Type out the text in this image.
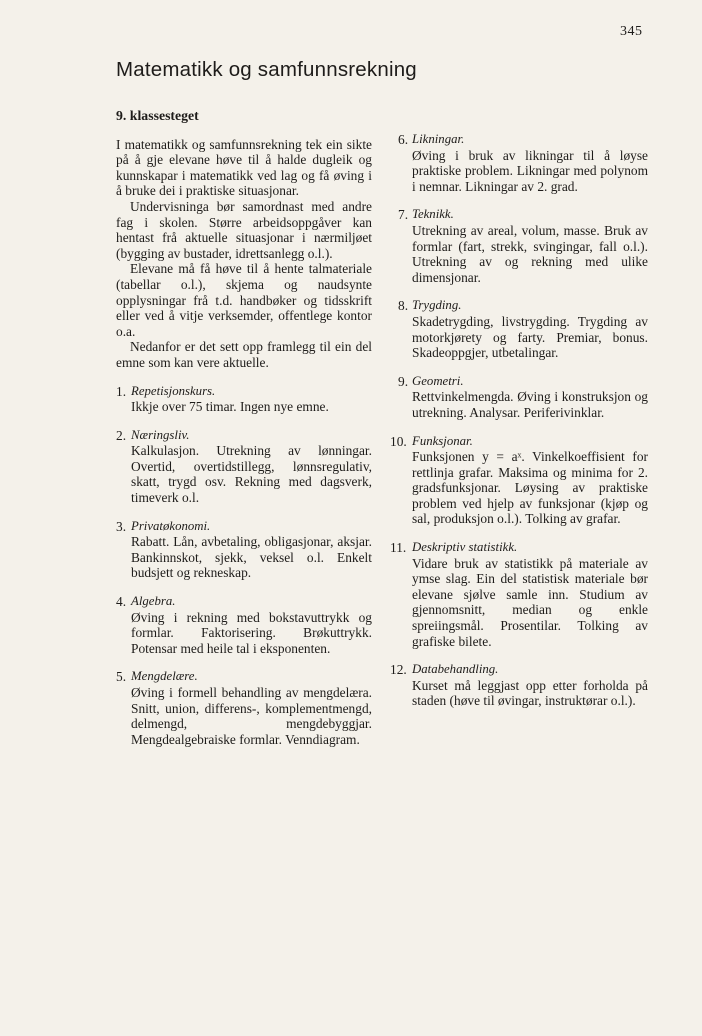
345
Matematikk og samfunnsrekning
9. klassesteget

I matematikk og samfunnsrekning tek ein sikte på å gje elevane høve til å halde dugleik og kunnskapar i matematikk ved lag og få øving i å bruke dei i praktiske situasjonar.

Undervisninga bør samordnast med andre fag i skolen. Større arbeidsoppgåver kan hentast frå aktuelle situasjonar i nærmiljøet (bygging av bustader, idrettsanlegg o.l.).

Elevane må få høve til å hente talmateriale (tabellar o.l.), skjema og naudsynte opplysningar frå t.d. handbøker og tidsskrift eller ved å vitje verksemder, offentlege kontor o.a.

Nedanfor er det sett opp framlegg til ein del emne som kan vere aktuelle.

1. Repetisjonskurs.
Ikkje over 75 timar. Ingen nye emne.
2. Næringsliv.
Kalkulasjon. Utrekning av lønningar. Overtid, overtidstillegg, lønnsregulativ, skatt, trygd osv. Rekning med dagsverk, timeverk o.l.
3. Privatøkonomi.
Rabatt. Lån, avbetaling, obligasjonar, aksjar. Bankinnskot, sjekk, veksel o.l. Enkelt budsjett og rekneskap.
4. Algebra.
Øving i rekning med bokstavuttrykk og formlar. Faktorisering. Brøkuttrykk. Potensar med heile tal i eksponenten.
5. Mengdelære.
Øving i formell behandling av mengdelæra. Snitt, union, differens-, komplementmengd, delmengd, mengdebyggjar. Mengdealgebraiske formlar. Venndiagram.
6. Likningar.
Øving i bruk av likningar til å løyse praktiske problem. Likningar med polynom i nemnar. Likningar av 2. grad.
7. Teknikk.
Utrekning av areal, volum, masse. Bruk av formlar (fart, strekk, svingingar, fall o.l.). Utrekning av og rekning med ulike dimensjonar.
8. Trygding.
Skadetrygding, livstrygding. Trygding av motorkjørety og farty. Premiar, bonus. Skadeoppgjer, utbetalingar.
9. Geometri.
Rettvinkelmengda. Øving i konstruksjon og utrekning. Analysar. Periferivinklar.
10. Funksjonar.
Funksjonen y = aˣ. Vinkelkoeffisient for rettlinja grafar. Maksima og minima for 2. gradsfunksjonar. Løysing av praktiske problem ved hjelp av funksjonar (kjøp og sal, produksjon o.l.). Tolking av grafar.
11. Deskriptiv statistikk.
Vidare bruk av statistikk på materiale av ymse slag. Ein del statistisk materiale bør elevane sjølve samle inn. Studium av gjennomsnitt, median og enkle spreiingsmål. Prosentilar. Tolking av grafiske bilete.
12. Databehandling.
Kurset må leggjast opp etter forholda på staden (høve til øvingar, instruktørar o.l.).
